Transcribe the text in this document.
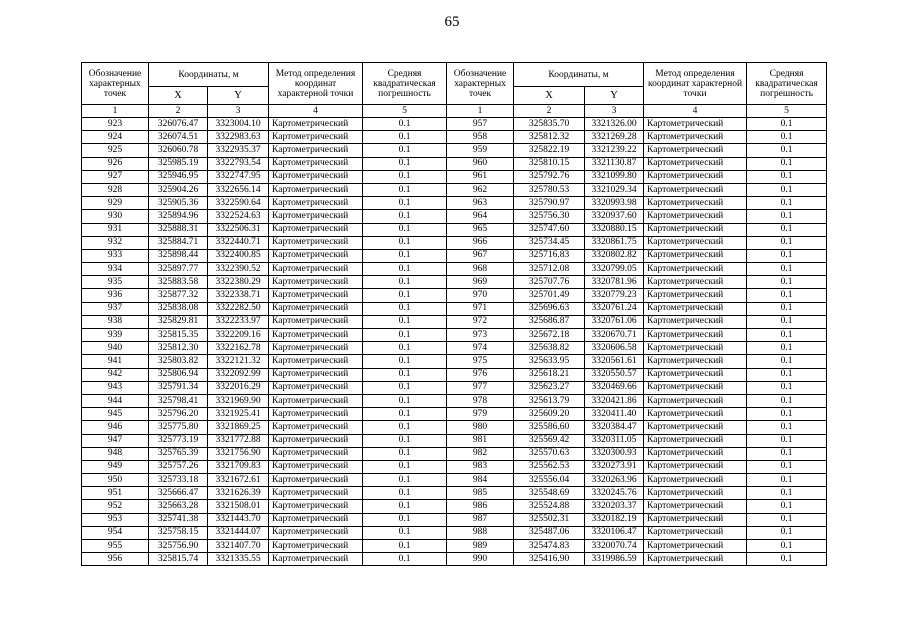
65
Обозначение характерных точек	Координаты, м		Метод определения координат характерной точки	Средняя квадратическая погрешность	Обозначение характерных точек	Координаты, м		Метод определения координат характерной точки	Средняя квадратическая погрешность
	X	Y				X	Y		
1	2	3	4	5	1	2	3	4	5
923	326076.47	3323004.10	Картометрический	0.1	957	325835.70	3321326.00	Картометрический	0.1
924	326074.51	3322983.63	Картометрический	0.1	958	325812.32	3321269.28	Картометрический	0.1
925	326060.78	3322935.37	Картометрический	0.1	959	325822.19	3321239.22	Картометрический	0.1
926	325985.19	3322793.54	Картометрический	0.1	960	325810.15	3321130.87	Картометрический	0.1
927	325946.95	3322747.95	Картометрический	0.1	961	325792.76	3321099.80	Картометрический	0.1
928	325904.26	3322656.14	Картометрический	0.1	962	325780.53	3321029.34	Картометрический	0.1
929	325905.36	3322590.64	Картометрический	0.1	963	325790.97	3320993.98	Картометрический	0.1
930	325894.96	3322524.63	Картометрический	0.1	964	325756.30	3320937.60	Картометрический	0.1
931	325888.31	3322506.31	Картометрический	0.1	965	325747.60	3320880.15	Картометрический	0.1
932	325884.71	3322440.71	Картометрический	0.1	966	325734.45	3320861.75	Картометрический	0.1
933	325898.44	3322400.85	Картометрический	0.1	967	325716.83	3320802.82	Картометрический	0.1
934	325897.77	3322390.52	Картометрический	0.1	968	325712.08	3320799.05	Картометрический	0.1
935	325883.58	3322380.29	Картометрический	0.1	969	325707.76	3320781.96	Картометрический	0.1
936	325877.32	3322338.71	Картометрический	0.1	970	325701.49	3320779.23	Картометрический	0.1
937	325838.08	3322282.50	Картометрический	0.1	971	325696.63	3320761.24	Картометрический	0.1
938	325829.81	3322233.97	Картометрический	0.1	972	325686.87	3320761.06	Картометрический	0.1
939	325815.35	3322209.16	Картометрический	0.1	973	325672.18	3320670.71	Картометрический	0.1
940	325812.30	3322162.78	Картометрический	0.1	974	325638.82	3320606.58	Картометрический	0.1
941	325803.82	3322121.32	Картометрический	0.1	975	325633.95	3320561.61	Картометрический	0.1
942	325806.94	3322092.99	Картометрический	0.1	976	325618.21	3320550.57	Картометрический	0.1
943	325791.34	3322016.29	Картометрический	0.1	977	325623.27	3320469.66	Картометрический	0.1
944	325798.41	3321969.90	Картометрический	0.1	978	325613.79	3320421.86	Картометрический	0.1
945	325796.20	3321925.41	Картометрический	0.1	979	325609.20	3320411.40	Картометрический	0.1
946	325775.80	3321869.25	Картометрический	0.1	980	325586.60	3320384.47	Картометрический	0.1
947	325773.19	3321772.88	Картометрический	0.1	981	325569.42	3320311.05	Картометрический	0.1
948	325765.39	3321756.90	Картометрический	0.1	982	325570.63	3320300.93	Картометрический	0.1
949	325757.26	3321709.83	Картометрический	0.1	983	325562.53	3320273.91	Картометрический	0.1
950	325733.18	3321672.61	Картометрический	0.1	984	325556.04	3320263.96	Картометрический	0.1
951	325666.47	3321626.39	Картометрический	0.1	985	325548.69	3320245.76	Картометрический	0.1
952	325663.28	3321508.01	Картометрический	0.1	986	325524.88	3320203.37	Картометрический	0.1
953	325741.38	3321443.70	Картометрический	0.1	987	325502.31	3320182.19	Картометрический	0.1
954	325758.15	3321444.07	Картометрический	0.1	988	325487.06	3320106.47	Картометрический	0.1
955	325756.90	3321407.70	Картометрический	0.1	989	325474.83	3320070.74	Картометрический	0.1
956	325815.74	3321335.55	Картометрический	0.1	990	325416.90	3319986.59	Картометрический	0.1
